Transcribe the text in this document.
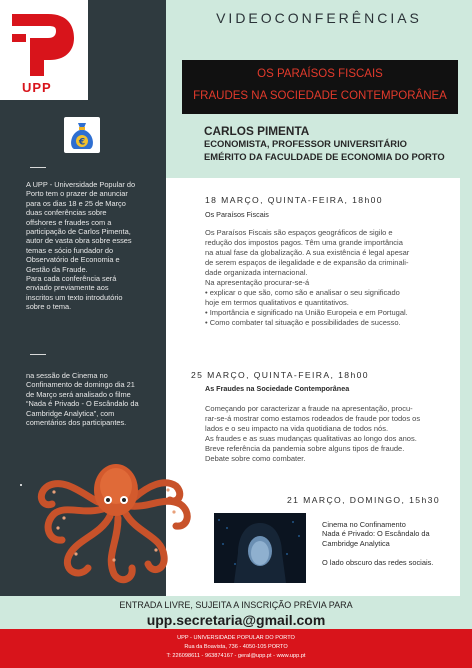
UPP
€

A UPP - Universidade Popular do

Porto tem o prazer de anunciar

para os dias 18 e 25 de Março

duas conferências sobre

offshores e fraudes com a

participação de Carlos Pimenta,

autor de vasta obra sobre esses

temas e sócio fundador do

Observatório de Economia e

Gestão da Fraude.

Para cada conferência será

enviado previamente aos

inscritos um texto introdutório

sobre o tema.

na sessão de Cinema no

Confinamento de domingo dia 21

de Março será analisado o filme

“Nada é Privado - O Escândalo da

Cambridge Analytica”, com

comentários dos participantes.

VIDEOCONFERÊNCIAS
OS PARAÍSOS FISCAIS
FRAUDES NA SOCIEDADE CONTEMPORÂNEA
CARLOS PIMENTA
ECONOMISTA, PROFESSOR UNIVERSITÁRIO
EMÉRITO DA FACULDADE DE ECONOMIA DO PORTO
18 MARÇO, QUINTA-FEIRA, 18h00
Os Paraísos Fiscais
Os Paraísos Fiscais são espaços geográficos de sigilo e
redução dos impostos pagos. Têm uma grande importância
na atual fase da globalização. A sua existência é legal apesar
de serem espaços de ilegalidade e de expansão da criminali-
dade organizada internacional.
Na apresentação procurar-se-á
• explicar o que são, como são e analisar o seu significado
hoje em termos qualitativos e quantitativos.
• Importância e significado na União Europeia e em Portugal.
• Como combater tal situação e possibilidades de sucesso.
25 MARÇO, QUINTA-FEIRA, 18h00
As Fraudes na Sociedade Contemporânea
Começando por caracterizar a fraude na apresentação, procu-
rar-se-á mostrar como estamos rodeados de fraude por todos os
lados e o seu impacto na vida quotidiana de todos nós.
As fraudes e as suas mudanças qualitativas ao longo dos anos.
Breve referência da pandemia sobre alguns tipos de fraude.
Debate sobre como combater.
21 MARÇO, DOMINGO, 15h30
Cinema no Confinamento
Nada é Privado: O Escândalo da
Cambridge Analytica
O lado obscuro das redes sociais.
ENTRADA LIVRE, SUJEITA A INSCRIÇÃO PRÉVIA PARA
upp.secretaria@gmail.com
UPP - UNIVERSIDADE POPULAR DO PORTO
Rua da Boavista, 736 - 4050-105 PORTO
T: 226098611 - 963874167 - geral@upp.pt - www.upp.pt
